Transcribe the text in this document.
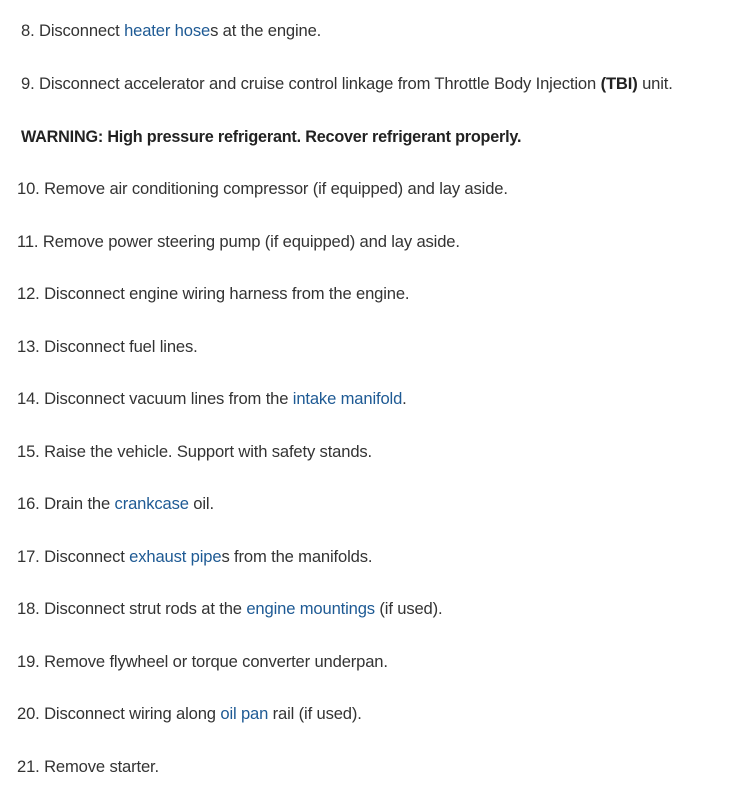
8. Disconnect heater hoses at the engine.
9. Disconnect accelerator and cruise control linkage from Throttle Body Injection (TBI) unit.
WARNING: High pressure refrigerant. Recover refrigerant properly.
10. Remove air conditioning compressor (if equipped) and lay aside.
11. Remove power steering pump (if equipped) and lay aside.
12. Disconnect engine wiring harness from the engine.
13. Disconnect fuel lines.
14. Disconnect vacuum lines from the intake manifold.
15. Raise the vehicle. Support with safety stands.
16. Drain the crankcase oil.
17. Disconnect exhaust pipes from the manifolds.
18. Disconnect strut rods at the engine mountings (if used).
19. Remove flywheel or torque converter underpan.
20. Disconnect wiring along oil pan rail (if used).
21. Remove starter.
